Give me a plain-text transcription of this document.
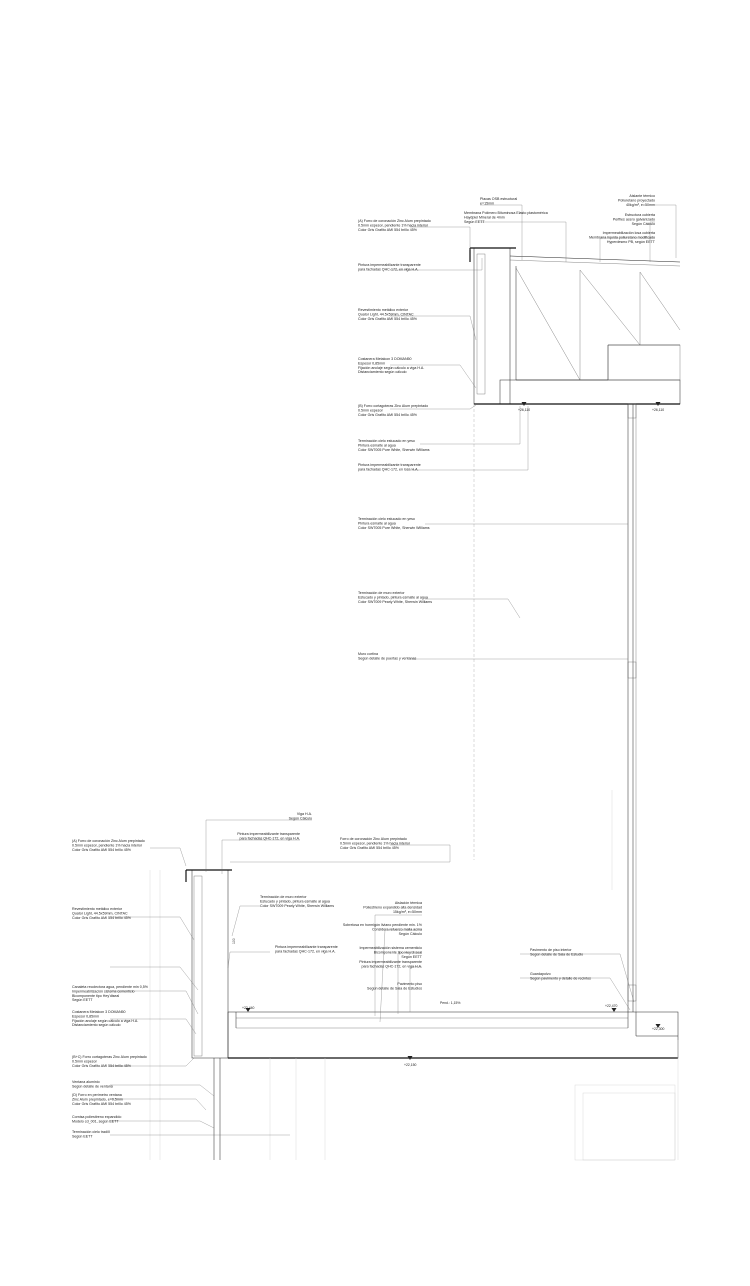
+26,110	+26,110
+22,440	+22,470
+22,150
+22,300
Pend.: 1,15%
100
Placas OSB estructural e=15mm
Membrana Polímero Bituminosa Elasto plastomérica Haydpiel Mineral de 4mm Según EETT
Aislante térmico Poliuretano proyectado 40kg/m³, e=50mm
Estructura cubierta Perfiles acero galvanizado Según Cálculo
Impermeabilización losa cubierta Membrana líquida poliuretano modificado Hyperdesmo PB, según EETT
(A) Forro de coronación Zinc Alum prepintado 0.5mm espesor, pendiente 1% hacia interior Color Gris Grafito AMI 554 brillo 45%
Pintura impermeabilizante transparente para fachadas QHC-172, en viga H.A.
Revestimiento metálico exterior Quator Light, 44.5x59mm, CINTAC Color Gris Grafito AMI 554 brillo 45%
Costanera Metalcon 3 DOMAN50 Espesor 0,85mm Fijación anclaje según cálculo a viga H.A. Distanciamiento según cálculo
(B) Forro cortagoteras Zinc Alum prepintado 0.5mm espesor Color Gris Grafito AMI 554 brillo 45%
Terminación cielo estucado en yeso Pintura esmalte al agua Color SW7005 Pure White, Sherwin Williams
Pintura impermeabilizante transparente para fachadas QHC-172, en losa H.A.
Terminación cielo estucado en yeso Pintura esmalte al agua Color SW7005 Pure White, Sherwin Williams
Terminación de muro exterior Estucado y pintado, pintura esmalte al agua Color SW7009 Pearly White, Sherwin Williams
Muro cortina Según detalle de puertas y ventanas
Viga H.A. Según Cálculo
Pintura impermeabilizante transparente para fachadas QHC-172, en viga H.A.	Forro de coronación Zinc Alum prepintado 0.5mm espesor, pendiente 1% hacia interior Color Gris Grafito AMI 554 brillo 45%
(A) Forro de coronación Zinc Alum prepintado 0.5mm espesor, pendiente 1% hacia interior Color Gris Grafito AMI 554 brillo 45%
Terminación de muro exterior Estucado y pintado, pintura esmalte al agua Color SW7009 Pearly White, Sherwin Williams
Revestimiento metálico exterior Quator Light, 44.5x59mm, CINTAC Color Gris Grafito AMI 554 brillo 45%
Aislación térmica Poliestireno expandido alta densidad 15kg/m³, e=50mm
Sobrelosa en hormigón liviano pendiente min. 1% Considera refuerzo malla acma Según Cálculo
Pintura impermeabilizante transparente para fachadas QHC-172, en viga H.A.
Impermeabilización sistema cementicio Bicomponente tipo Hey'di seal Según EETT
Pintura impermeabilizante transparente para fachadas QHC-172, en viga H.A.
Pavimento piso Según detalle de Sala de Estudios
Pavimento de piso interior Según detalle de Sala de Estudio
Guardapolvo Según pavimento y detalle de recintos
Canaleta recolectora agua, pendiente min 0,5% Impermeabilización sistema cementicio Bicomponente tipo Hey'diseal Según EETT
Costanera Metalcon 3 DOMAN50 Espesor 0,85mm Fijación anclaje según cálculo a viga H.A. Distanciamiento según cálculo
(B+C) Forro cortagoteras Zinc Alum prepintado 0.5mm espesor Color Gris Grafito AMI 554 brillo 45%
Ventana aluminio Según detalle de ventana
(D) Forro en perímetro ventana Zinc Alum prepintado, e=0,5mm Color Gris Grafito AMI 554 brillo 45%
Cornisa poliestireno expandido Modelo cd_001, según EETT
Terminación cielo tradiII Según EETT
